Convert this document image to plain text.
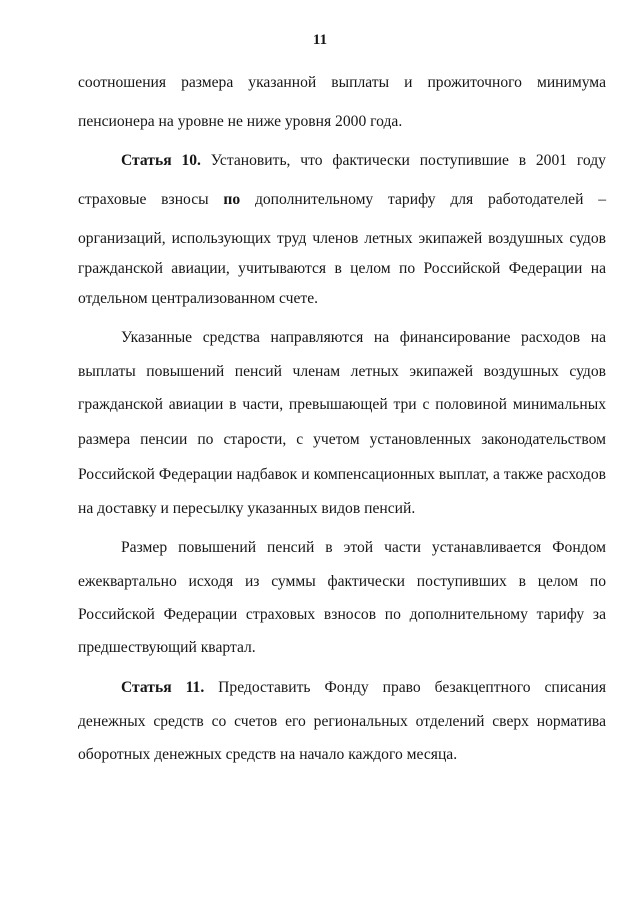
11
соотношения размера указанной выплаты и прожиточного минимума
пенсионера на уровне не ниже уровня 2000 года.
Статья 10. Установить, что фактически поступившие в 2001 году
страховые взносы по дополнительному тарифу для работодателей –
организаций, использующих труд членов летных экипажей воздушных судов
гражданской авиации, учитываются в целом по Российской Федерации на
отдельном централизованном счете.
Указанные средства направляются на финансирование расходов на
выплаты повышений пенсий членам летных экипажей воздушных судов
гражданской авиации в части, превышающей три с половиной минимальных
размера пенсии по старости, с учетом установленных законодательством
Российской Федерации надбавок и компенсационных выплат, а также расходов
на доставку и пересылку указанных видов пенсий.
Размер повышений пенсий в этой части устанавливается Фондом
ежеквартально исходя из суммы фактически поступивших в целом по
Российской Федерации страховых взносов по дополнительному тарифу за
предшествующий квартал.
Статья 11. Предоставить Фонду право безакцептного списания
денежных средств со счетов его региональных отделений сверх норматива
оборотных денежных средств на начало каждого месяца.
